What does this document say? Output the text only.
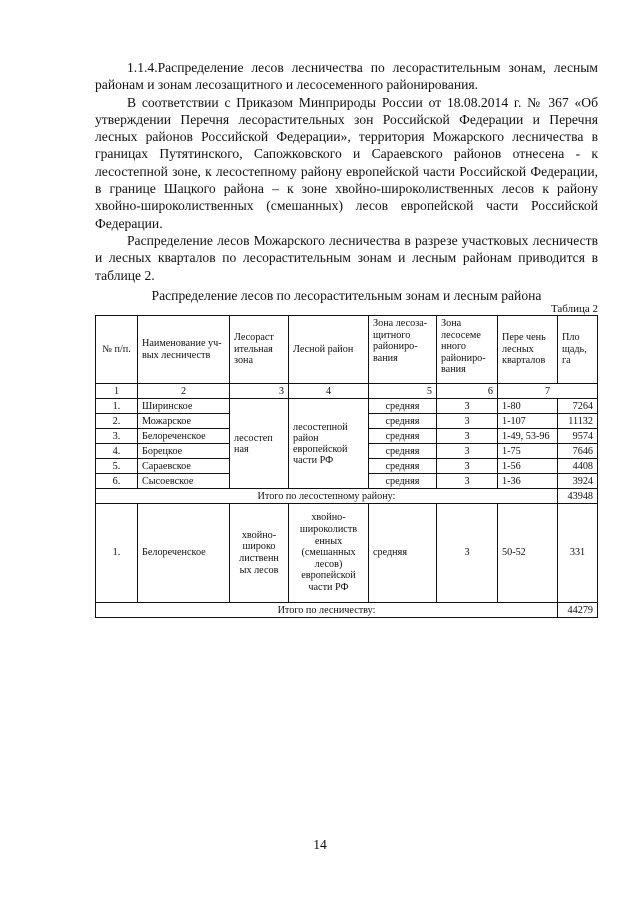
1.1.4.Распределение лесов лесничества по лесорастительным зонам, лесным районам и зонам лесозащитного и лесосеменного районирования.

В соответствии с Приказом Минприроды России от 18.08.2014 г. № 367 «Об утверждении Перечня лесорастительных зон Российской Федерации и Перечня лесных районов Российской Федерации», территория Можарского лесничества в границах Путятинского, Сапожковского и Сараевского районов отнесена - к лесостепной зоне, к лесостепному району европейской части Российской Федерации, в границе Шацкого района – к зоне хвойно-широколиственных лесов к району хвойно-широколиственных (смешанных) лесов европейской части Российской Федерации.

Распределение лесов Можарского лесничества в разрезе участковых лесничеств и лесных кварталов по лесорастительным зонам и лесным районам приводится в таблице 2.

Распределение лесов по лесорастительным зонам и лесным района
Таблица 2
№ п/п.	Наименование уч-вых лесничеств	Лесораст ительная зона	Лесной район	Зона лесоза-щитного райониро-вания	Зона лесосеме нного райониро-вания	Пере чень лесных кварталов	Пло щадь, га
1	2	3	4	5	6	7	
1.	Ширинское	лесостеп ная	лесостепной район европейской части РФ	средняя	3	1-80	7264
2.	Можарское			средняя	3	1-107	11132
3.	Белореченское			средняя	3	1-49, 53-96	9574
4.	Борецкое			средняя	3	1-75	7646
5.	Сараевское			средняя	3	1-56	4408
6.	Сысоевское			средняя	3	1-36	3924
Итого по лесостепному району:							43948
1.	Белореченское	хвойно-широко лиственн ых лесов	хвойно-широколиств енных (смешанных лесов) европейской части РФ	средняя	3	50-52	331
Итого по лесничеству:							44279
14
